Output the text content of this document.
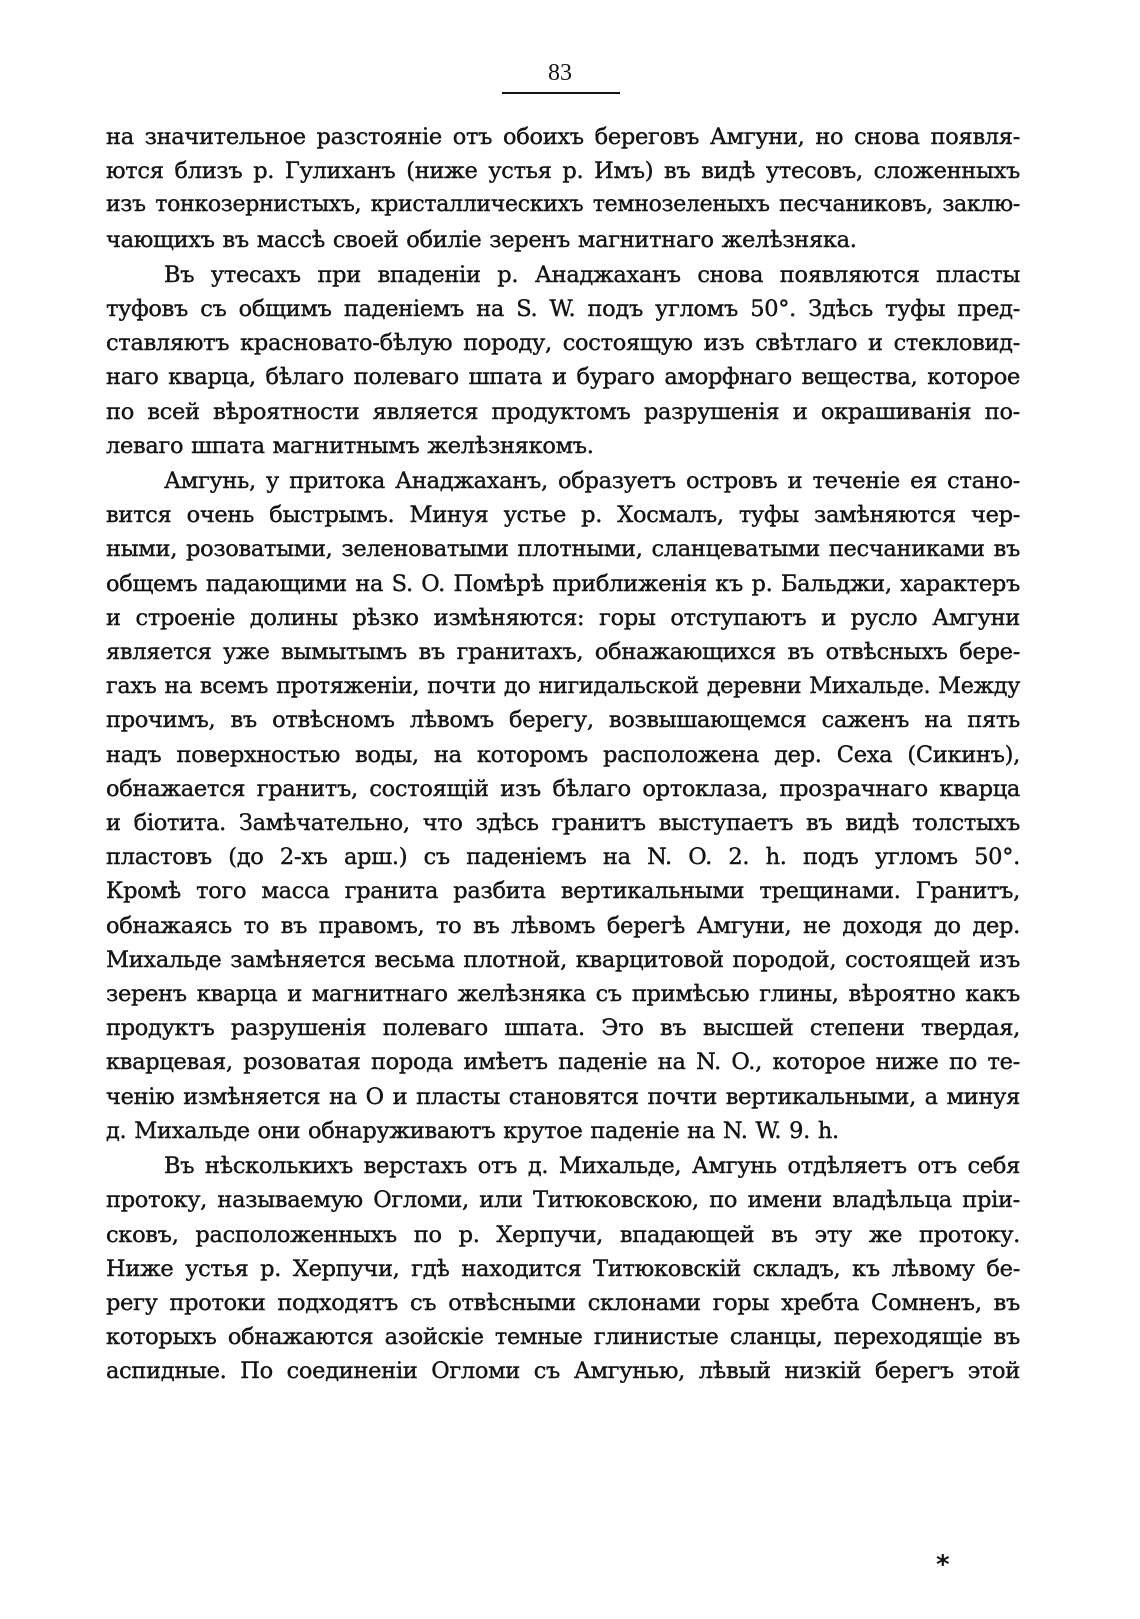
83
на значительное разстояніе отъ обоихъ береговъ Амгуни, но снова появля-
ются близъ р. Гулиханъ (ниже устья р. Имъ) въ видѣ утесовъ, сложенныхъ
изъ тонкозернистыхъ, кристаллическихъ темнозеленыхъ песчаниковъ, заклю-
чающихъ въ массѣ своей обиліе зеренъ магнитнаго желѣзняка.
Въ утесахъ при впаденіи р. Анаджаханъ снова появляются пласты
туфовъ съ общимъ паденіемъ на S. W. подъ угломъ 50°. Здѣсь туфы пред-
ставляютъ красновато-бѣлую породу, состоящую изъ свѣтлаго и стекловид-
наго кварца, бѣлаго полеваго шпата и бураго аморфнаго вещества, которое
по всей вѣроятности является продуктомъ разрушенія и окрашиванія по-
леваго шпата магнитнымъ желѣзнякомъ.
Амгунь, у притока Анаджаханъ, образуетъ островъ и теченіе ея стано-
вится очень быстрымъ. Минуя устье р. Хосмалъ, туфы замѣняются чер-
ными, розоватыми, зеленоватыми плотными, сланцеватыми песчаниками въ
общемъ падающими на S. O. Помѣрѣ приближенія къ р. Бальджи, характеръ
и строеніе долины рѣзко измѣняются: горы отступаютъ и русло Амгуни
является уже вымытымъ въ гранитахъ, обнажающихся въ отвѣсныхъ бере-
гахъ на всемъ протяженіи, почти до нигидальской деревни Михальде. Между
прочимъ, въ отвѣсномъ лѣвомъ берегу, возвышающемся саженъ на пять
надъ поверхностью воды, на которомъ расположена дер. Сеха (Сикинъ),
обнажается гранитъ, состоящій изъ бѣлаго ортоклаза, прозрачнаго кварца
и біотита. Замѣчательно, что здѣсь гранитъ выступаетъ въ видѣ толстыхъ
пластовъ (до 2-хъ арш.) съ паденіемъ на N. O. 2. h. подъ угломъ 50°.
Кромѣ того масса гранита разбита вертикальными трещинами. Гранитъ,
обнажаясь то въ правомъ, то въ лѣвомъ берегѣ Амгуни, не доходя до дер.
Михальде замѣняется весьма плотной, кварцитовой породой, состоящей изъ
зеренъ кварца и магнитнаго желѣзняка съ примѣсью глины, вѣроятно какъ
продуктъ разрушенія полеваго шпата. Это въ высшей степени твердая,
кварцевая, розоватая порода имѣетъ паденіе на N. O., которое ниже по те-
ченію измѣняется на O и пласты становятся почти вертикальными, а минуя
д. Михальде они обнаруживаютъ крутое паденіе на N. W. 9. h.
Въ нѣсколькихъ верстахъ отъ д. Михальде, Амгунь отдѣляетъ отъ себя
протоку, называемую Огломи, или Титюковскою, по имени владѣльца пріи-
сковъ, расположенныхъ по р. Херпучи, впадающей въ эту же протоку.
Ниже устья р. Херпучи, гдѣ находится Титюковскій складъ, къ лѣвому бе-
регу протоки подходятъ съ отвѣсными склонами горы хребта Сомненъ, въ
которыхъ обнажаются азойскіе темные глинистые сланцы, переходящіе въ
аспидные. По соединеніи Огломи съ Амгунью, лѣвый низкій берегъ этой
*
